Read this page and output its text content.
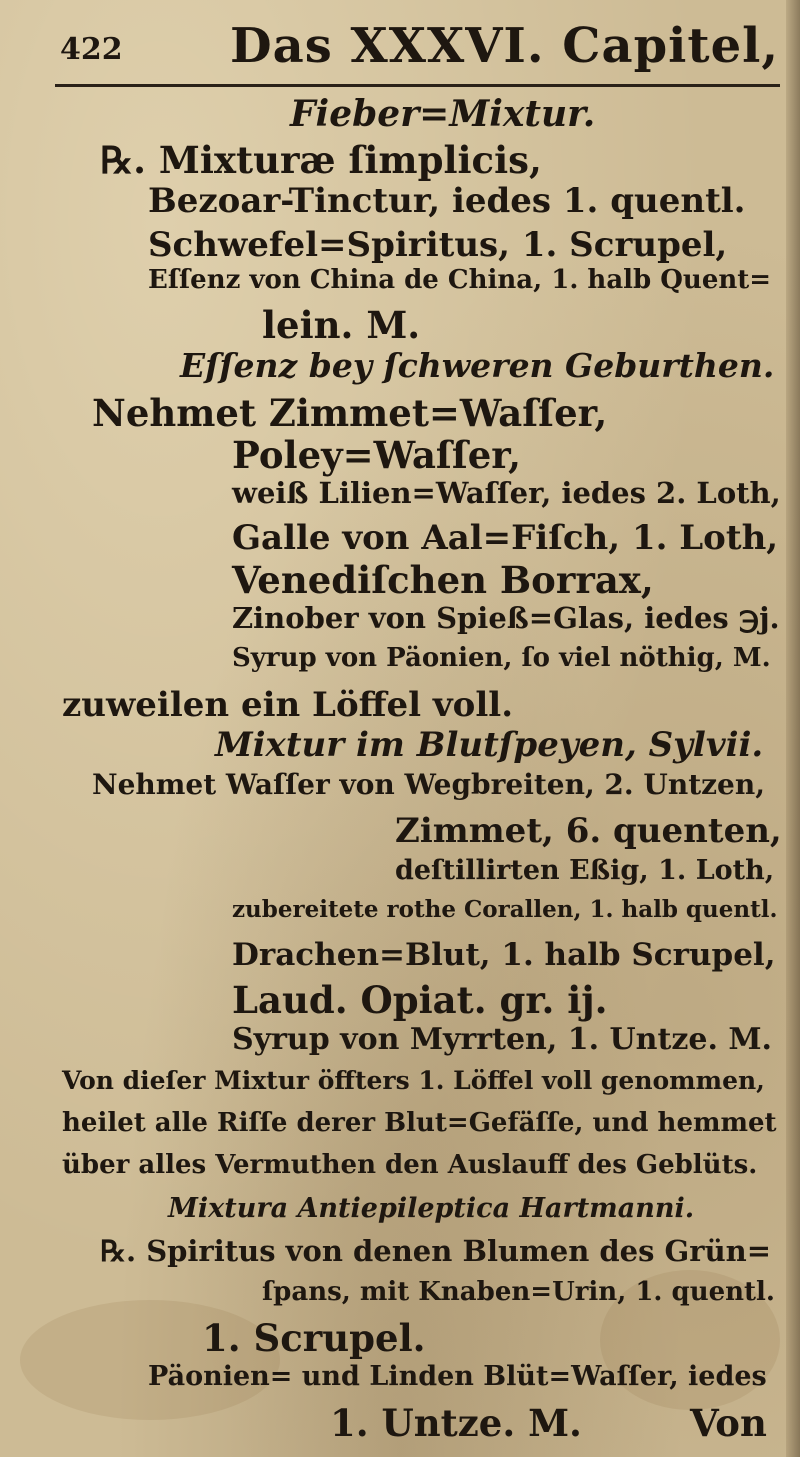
422 Das XXXVI. Capitel,
Fieber=Mixtur.
℞. Mixturæ ſimplicis,
Bezoar-Tinctur, iedes 1. quentl.
Schwefel=Spiritus, 1. Scrupel,
Eſſenz von China de China, 1. halb Quent=
lein. M.
Eſſenz bey ſchweren Geburthen.
Nehmet Zimmet=Waſſer,
Poley=Waſſer,
weiß Lilien=Waſſer, iedes 2. Loth,
Galle von Aal=Fiſch, 1. Loth,
Venediſchen Borrax,
Zinober von Spieß=Glas, iedes ℈j.
Syrup von Päonien, ſo viel nöthig, M.
zuweilen ein Löffel voll.
Mixtur im Blutſpeyen, Sylvii.
Nehmet Waſſer von Wegbreiten, 2. Untzen,
Zimmet, 6. quenten,
deſtillirten Eßig, 1. Loth,
zubereitete rothe Corallen, 1. halb quentl.
Drachen=Blut, 1. halb Scrupel,
Laud. Opiat. gr. ij.
Syrup von Myrrten, 1. Untze. M.
Von dieſer Mixtur öffters 1. Löffel voll genommen,
heilet alle Riſſe derer Blut=Gefäſſe, und hemmet
über alles Vermuthen den Auslauff des Geblüts.
Mixtura Antiepileptica Hartmanni.
℞. Spiritus von denen Blumen des Grün=
ſpans, mit Knaben=Urin, 1. quentl.
1. Scrupel.
Päonien= und Linden Blüt=Waſſer, iedes
1. Untze. M.	Von
